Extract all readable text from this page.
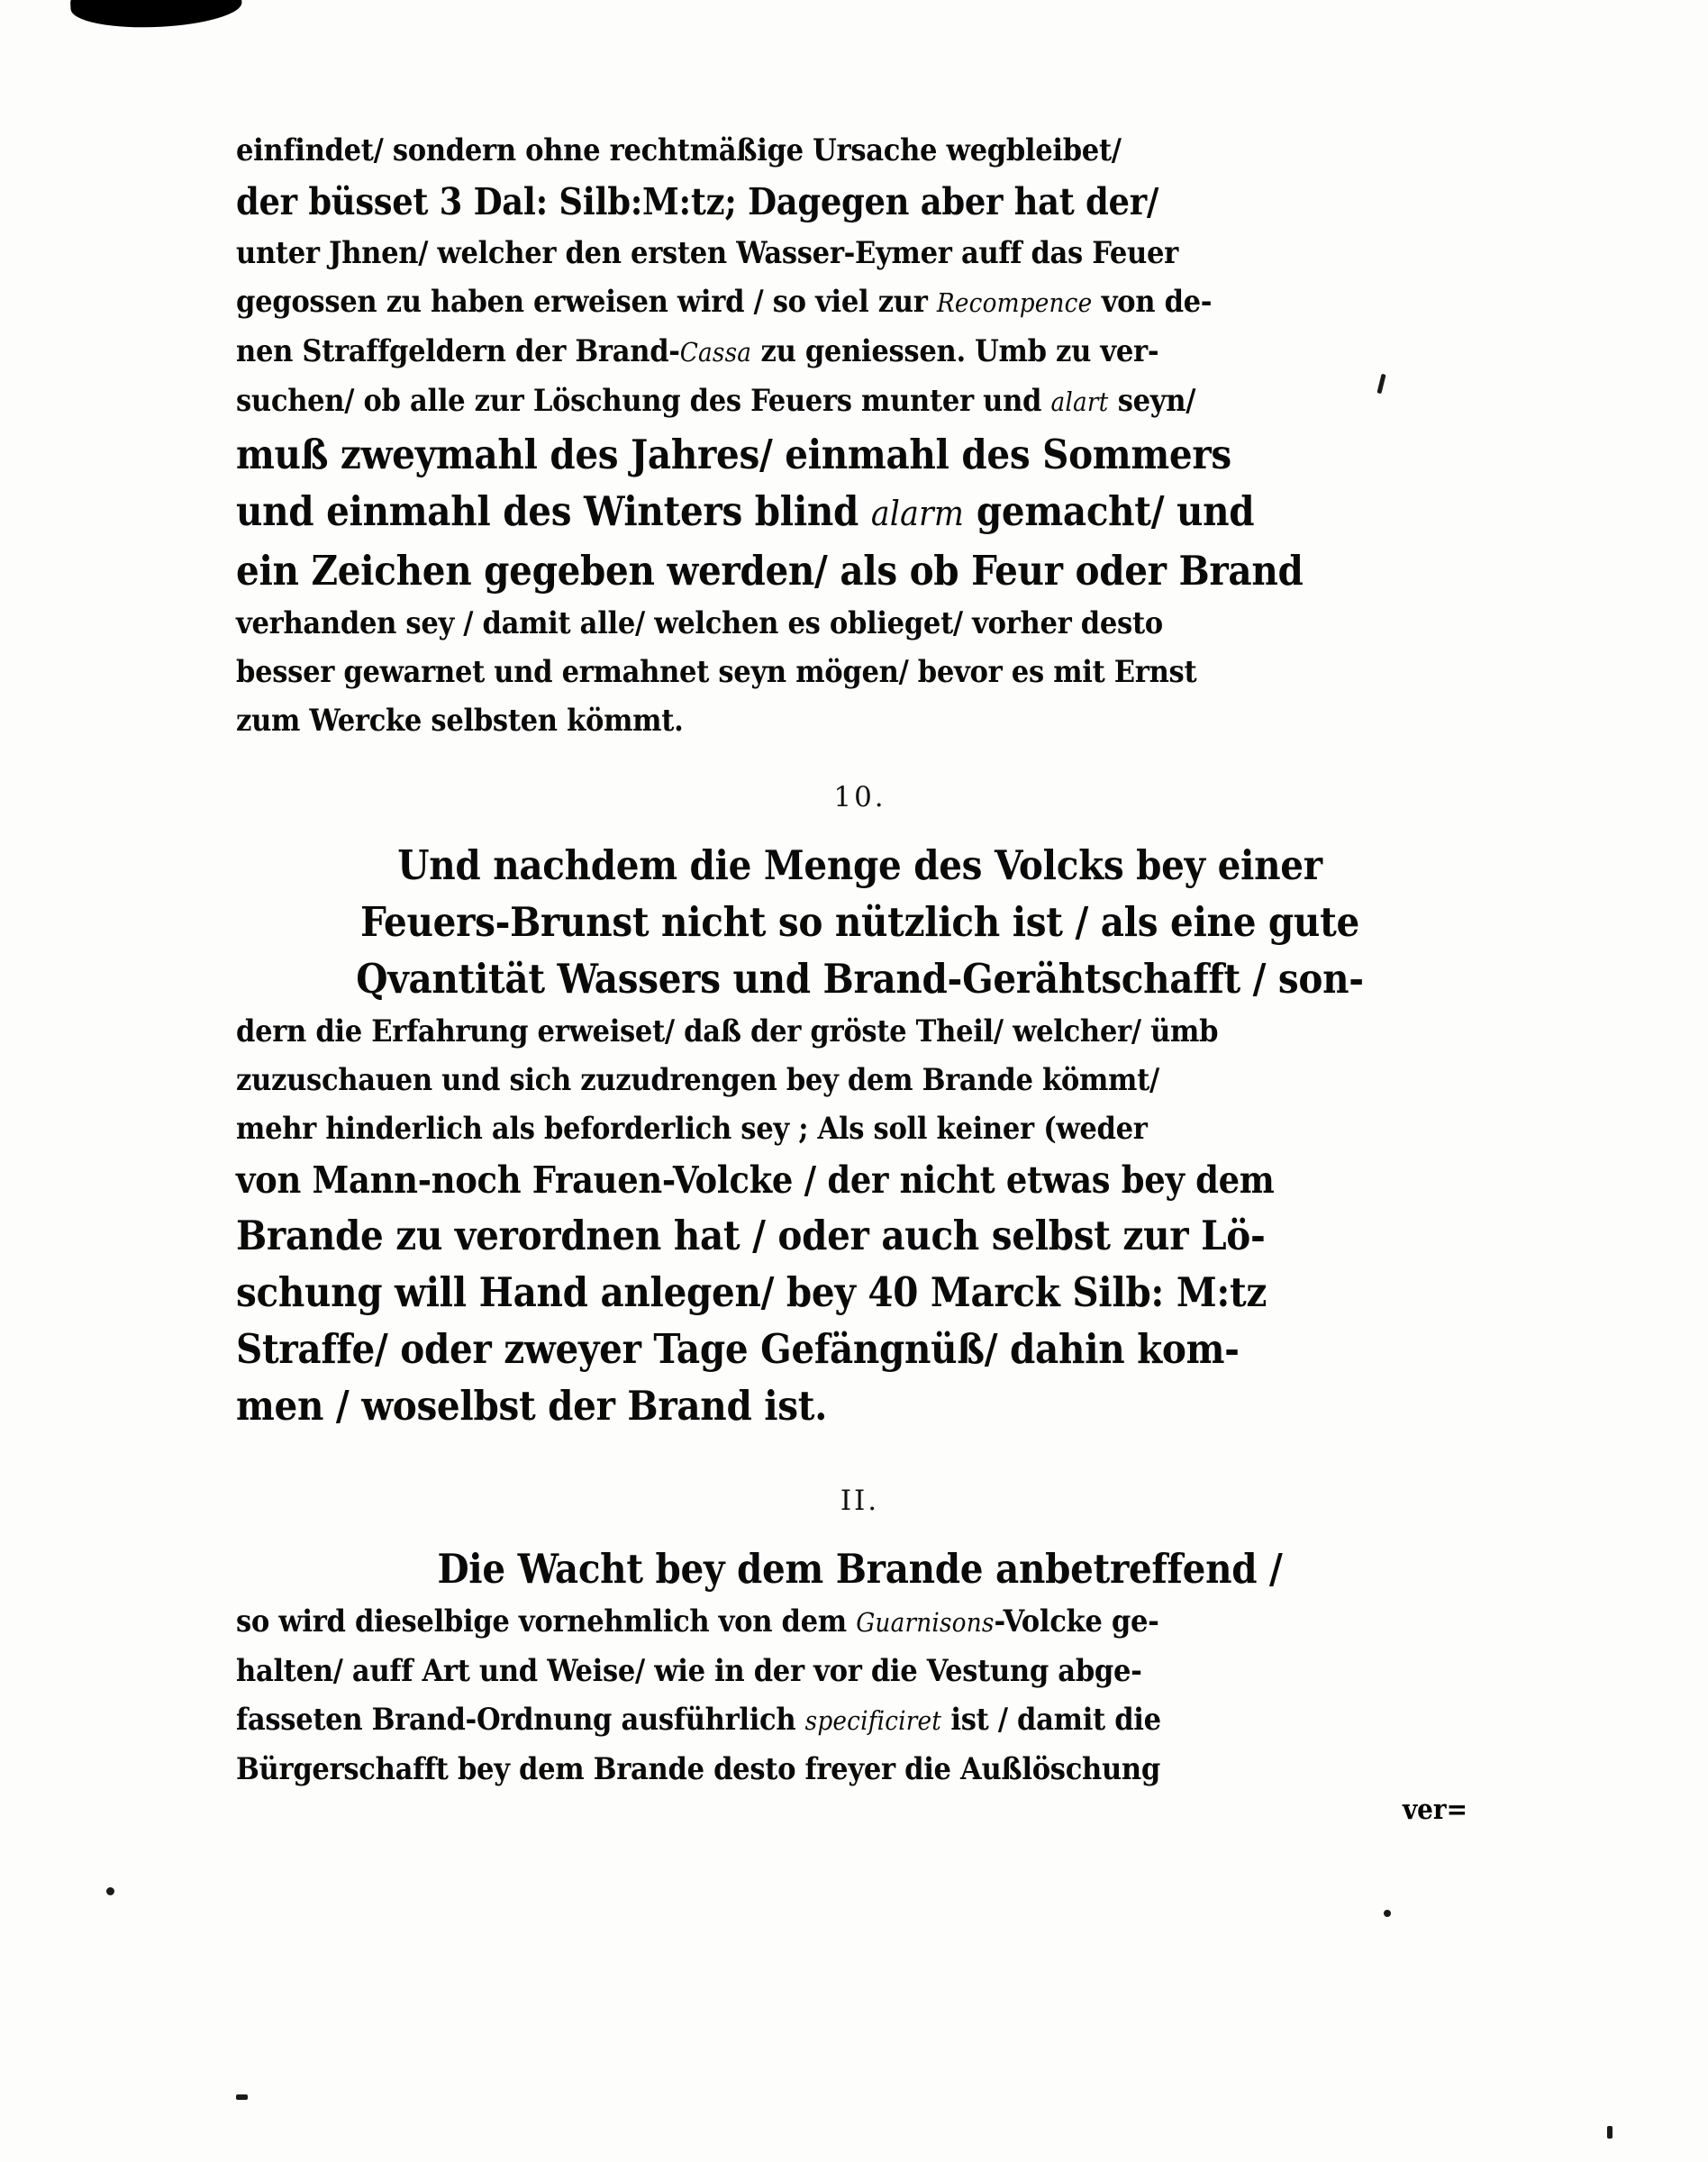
einfindet/ sondern ohne rechtmäßige Ursache wegbleibet/
der büsset 3 Dal: Silb:M:tz; Dagegen aber hat der/
unter Jhnen/ welcher den ersten Wasser-Eymer auff das Feuer
gegossen zu haben erweisen wird / so viel zur Recompence von de-
nen Straffgeldern der Brand-Cassa zu geniessen. Umb zu ver-
suchen/ ob alle zur Löschung des Feuers munter und alart seyn/
muß zweymahl des Jahres/ einmahl des Sommers
und einmahl des Winters blind alarm gemacht/ und
ein Zeichen gegeben werden/ als ob Feur oder Brand
verhanden sey / damit alle/ welchen es oblieget/ vorher desto
besser gewarnet und ermahnet seyn mögen/ bevor es mit Ernst
zum Wercke selbsten kömmt.
10.
Und nachdem die Menge des Volcks bey einer
Feuers-Brunst nicht so nützlich ist / als eine gute
Qvantität Wassers und Brand-Gerähtschafft / son-
dern die Erfahrung erweiset/ daß der gröste Theil/ welcher/ ümb
zuzuschauen und sich zuzudrengen bey dem Brande kömmt/
mehr hinderlich als beforderlich sey ; Als soll keiner (weder
von Mann-noch Frauen-Volcke / der nicht etwas bey dem
Brande zu verordnen hat / oder auch selbst zur Lö-
schung will Hand anlegen/ bey 40 Marck Silb: M:tz
Straffe/ oder zweyer Tage Gefängnüß/ dahin kom-
men / woselbst der Brand ist.
II.
Die Wacht bey dem Brande anbetreffend /
so wird dieselbige vornehmlich von dem Guarnisons-Volcke ge-
halten/ auff Art und Weise/ wie in der vor die Vestung abge-
fasseten Brand-Ordnung ausführlich specificiret ist / damit die
Bürgerschafft bey dem Brande desto freyer die Außlöschung
ver=
